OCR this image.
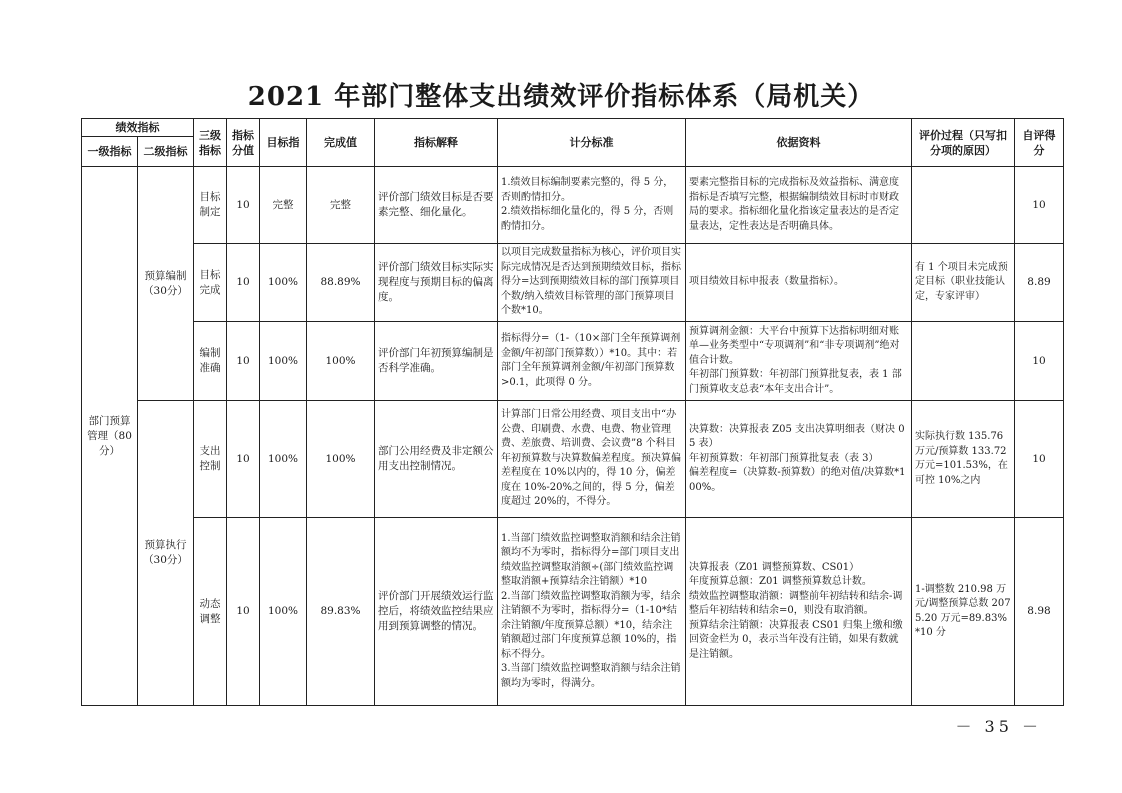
2021 年部门整体支出绩效评价指标体系（局机关）
绩效指标		三级指标	指标分值	目标指	完成值	指标解释	计分标准	依据资料	评价过程（只写扣分项的原因）	自评得分
一级指标	二级指标									
部门预算管理（80分）	预算编制（30分）	目标制定	10	完整	完整	评价部门绩效目标是否要素完整、细化量化。	1.绩效目标编制要素完整的，得 5 分，否则酌情扣分。
2.绩效指标细化量化的，得 5 分，否则酌情扣分。	要素完整指目标的完成指标及效益指标、满意度指标是否填写完整，根据编制绩效目标时市财政局的要求。指标细化量化指该定量表达的是否定量表达，定性表达是否明确具体。		10
		目标完成	10	100%	88.89%	评价部门绩效目标实际实现程度与预期目标的偏离度。	以项目完成数量指标为核心，评价项目实际完成情况是否达到预期绩效目标，指标得分=达到预期绩效目标的部门预算项目个数/纳入绩效目标管理的部门预算项目个数*10。	项目绩效目标申报表（数量指标）。	有 1 个项目未完成预定目标（职业技能认定，专家评审）	8.89
		编制准确	10	100%	100%	评价部门年初预算编制是否科学准确。	指标得分=（1-（10×部门全年预算调剂金额/年初部门预算数））*10。其中：若部门全年预算调剂金额/年初部门预算数>0.1，此项得 0 分。	预算调剂金额：大平台中预算下达指标明细对账单—业务类型中“专项调剂”和“非专项调剂”绝对值合计数。
年初部门预算数：年初部门预算批复表，表 1 部门预算收支总表“本年支出合计”。		10
	预算执行（30分）	支出控制	10	100%	100%	部门公用经费及非定额公用支出控制情况。	计算部门日常公用经费、项目支出中“办公费、印刷费、水费、电费、物业管理费、差旅费、培训费、会议费”8 个科目年初预算数与决算数偏差程度。预决算偏差程度在 10%以内的，得 10 分，偏差度在 10%-20%之间的，得 5 分，偏差度超过 20%的，不得分。	决算数：决算报表 Z05 支出决算明细表（财决 05 表）
年初预算数：年初部门预算批复表（表 3）
偏差程度=（决算数-预算数）的绝对值/决算数*100%。	实际执行数 135.76 万元/预算数 133.72 万元=101.53%，在可控 10%之内	10
		动态调整	10	100%	89.83%	评价部门开展绩效运行监控后，将绩效监控结果应用到预算调整的情况。	1.当部门绩效监控调整取消额和结余注销额均不为零时，指标得分=部门项目支出绩效监控调整取消额÷(部门绩效监控调整取消额+预算结余注销额）*10
2.当部门绩效监控调整取消额为零，结余注销额不为零时，指标得分=（1-10*结余注销额/年度预算总额）*10，结余注销额超过部门年度预算总额 10%的，指标不得分。
3.当部门绩效监控调整取消额与结余注销额均为零时，得满分。	决算报表（Z01 调整预算数、CS01）
年度预算总额：Z01 调整预算数总计数。
绩效监控调整取消额：调整前年初结转和结余-调整后年初结转和结余=0，则没有取消额。
预算结余注销额：决算报表 CS01 归集上缴和缴回资金栏为 0，表示当年没有注销，如果有数就是注销额。	1-调整数 210.98 万元/调整预算总数 2075.20 万元=89.83%*10 分	8.98
－ 35 －
